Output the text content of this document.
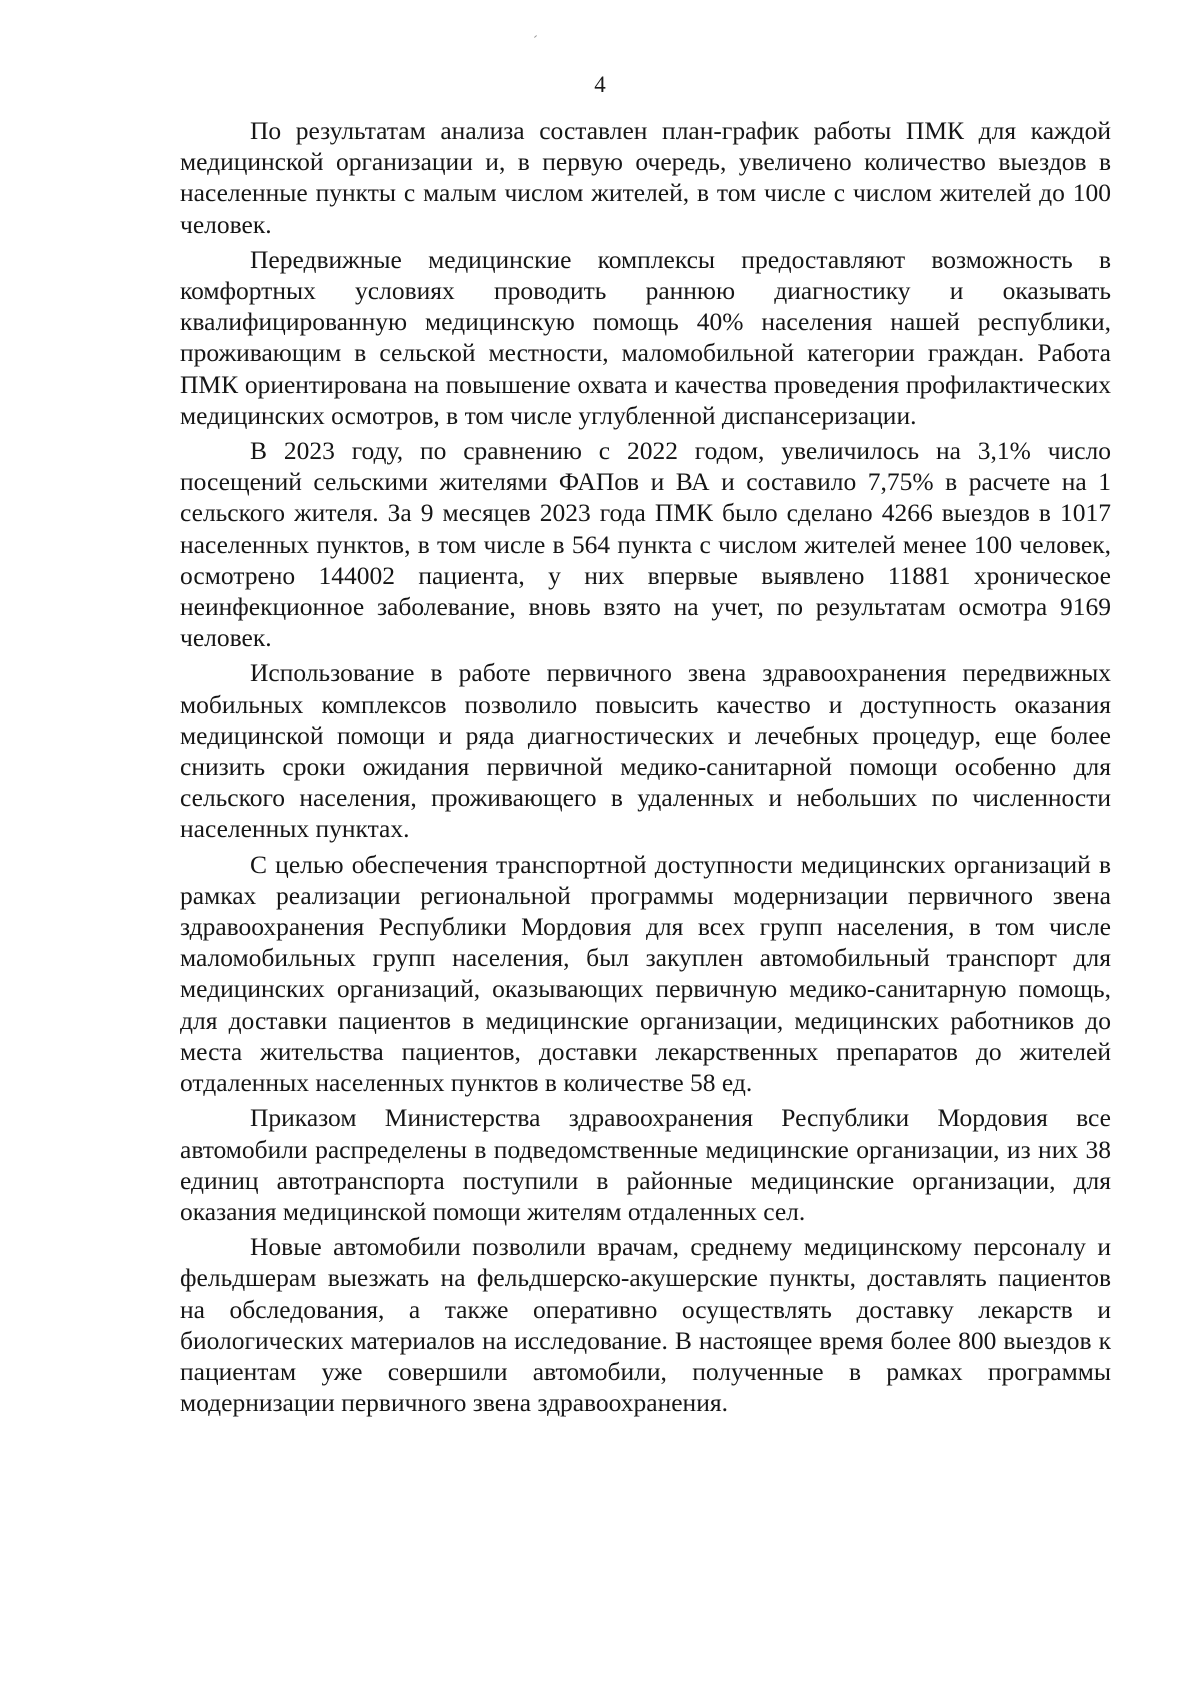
4

По результатам анализа составлен план-график работы ПМК для каждой медицинской организации и, в первую очередь, увеличено количество выездов в населенные пункты с малым числом жителей, в том числе с числом жителей до 100 человек.

Передвижные медицинские комплексы предоставляют возможность в комфортных условиях проводить раннюю диагностику и оказывать квалифицированную медицинскую помощь 40% населения нашей республики, проживающим в сельской местности, маломобильной категории граждан. Работа ПМК ориентирована на повышение охвата и качества проведения профилактических медицинских осмотров, в том числе углубленной диспансеризации.

В 2023 году, по сравнению с 2022 годом, увеличилось на 3,1% число посещений сельскими жителями ФАПов и ВА и составило 7,75% в расчете на 1 сельского жителя. За 9 месяцев 2023 года ПМК было сделано 4266 выездов в 1017 населенных пунктов, в том числе в 564 пункта с числом жителей менее 100 человек, осмотрено 144002 пациента, у них впервые выявлено 11881 хроническое неинфекционное заболевание, вновь взято на учет, по результатам осмотра 9169 человек.

Использование в работе первичного звена здравоохранения передвижных мобильных комплексов позволило повысить качество и доступность оказания медицинской помощи и ряда диагностических и лечебных процедур, еще более снизить сроки ожидания первичной медико-санитарной помощи особенно для сельского населения, проживающего в удаленных и небольших по численности населенных пунктах.

С целью обеспечения транспортной доступности медицинских организаций в рамках реализации региональной программы модернизации первичного звена здравоохранения Республики Мордовия для всех групп населения, в том числе маломобильных групп населения, был закуплен автомобильный транспорт для медицинских организаций, оказывающих первичную медико-санитарную помощь, для доставки пациентов в медицинские организации, медицинских работников до места жительства пациентов, доставки лекарственных препаратов до жителей отдаленных населенных пунктов в количестве 58 ед.

Приказом Министерства здравоохранения Республики Мордовия все автомобили распределены в подведомственные медицинские организации, из них 38 единиц автотранспорта поступили в районные медицинские организации, для оказания медицинской помощи жителям отдаленных сел.

Новые автомобили позволили врачам, среднему медицинскому персоналу и фельдшерам выезжать на фельдшерско-акушерские пункты, доставлять пациентов на обследования, а также оперативно осуществлять доставку лекарств и биологических материалов на исследование. В настоящее время более 800 выездов к пациентам уже совершили автомобили, полученные в рамках программы модернизации первичного звена здравоохранения.
